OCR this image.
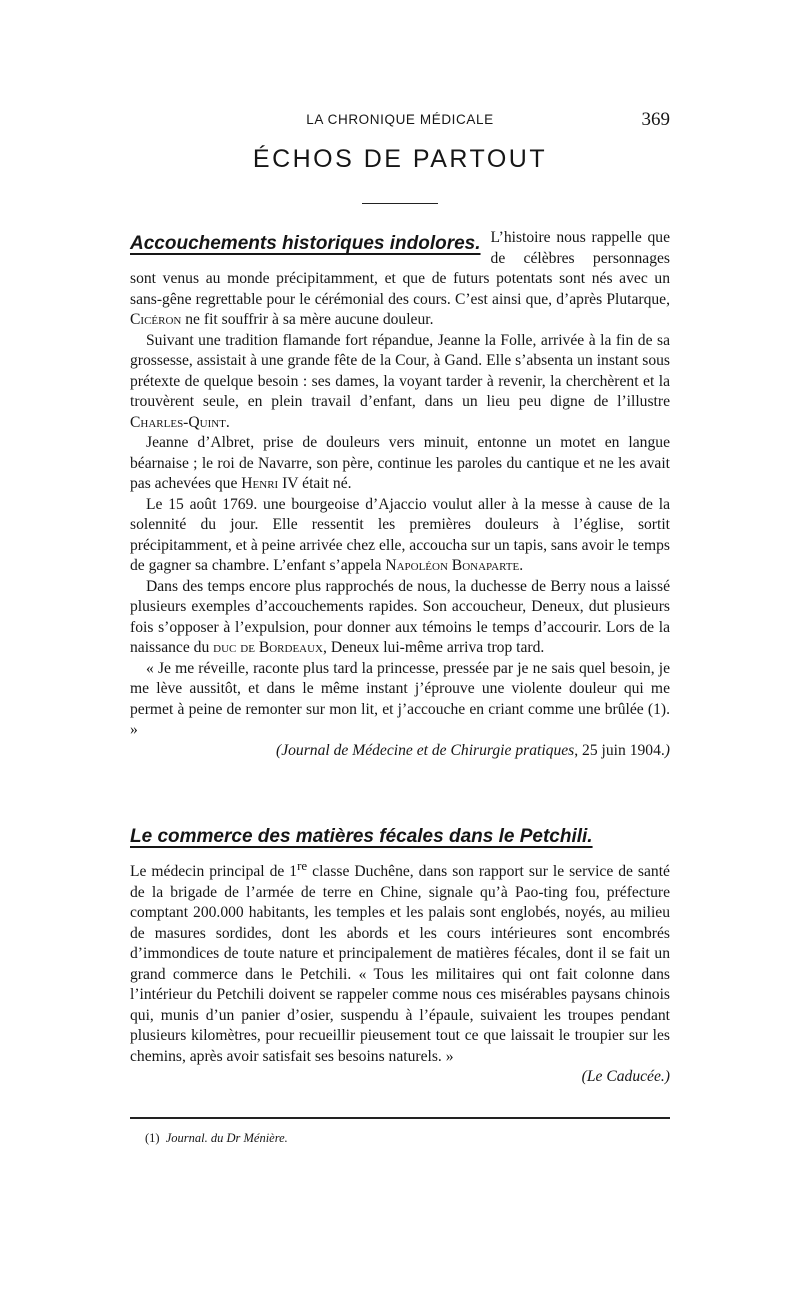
LA CHRONIQUE MÉDICALE	369
ÉCHOS DE PARTOUT
Accouchements historiques indolores. L’histoire nous rappelle que de célèbres personnages sont venus au monde précipitamment, et que de futurs potentats sont nés avec un sans-gêne regrettable pour le cérémonial des cours. C’est ainsi que, d’après Plutarque, Cicéron ne fit souffrir à sa mère aucune douleur.

Suivant une tradition flamande fort répandue, Jeanne la Folle, arrivée à la fin de sa grossesse, assistait à une grande fête de la Cour, à Gand. Elle s’absenta un instant sous prétexte de quelque besoin : ses dames, la voyant tarder à revenir, la cherchèrent et la trouvèrent seule, en plein travail d’enfant, dans un lieu peu digne de l’illustre Charles-Quint.

Jeanne d’Albret, prise de douleurs vers minuit, entonne un motet en langue béarnaise ; le roi de Navarre, son père, continue les paroles du cantique et ne les avait pas achevées que Henri IV était né.

Le 15 août 1769. une bourgeoise d’Ajaccio voulut aller à la messe à cause de la solennité du jour. Elle ressentit les premières douleurs à l’église, sortit précipitamment, et à peine arrivée chez elle, accoucha sur un tapis, sans avoir le temps de gagner sa chambre. L’enfant s’appela Napoléon Bonaparte.

Dans des temps encore plus rapprochés de nous, la duchesse de Berry nous a laissé plusieurs exemples d’accouchements rapides. Son accoucheur, Deneux, dut plusieurs fois s’opposer à l’expulsion, pour donner aux témoins le temps d’accourir. Lors de la naissance du duc de Bordeaux, Deneux lui-même arriva trop tard.

« Je me réveille, raconte plus tard la princesse, pressée par je ne sais quel besoin, je me lève aussitôt, et dans le même instant j’éprouve une violente douleur qui me permet à peine de remonter sur mon lit, et j’accouche en criant comme une brûlée (1). »

(Journal de Médecine et de Chirurgie pratiques, 25 juin 1904.)

Le commerce des matières fécales dans le Petchili.

Le médecin principal de 1re classe Duchêne, dans son rapport sur le service de santé de la brigade de l’armée de terre en Chine, signale qu’à Pao-ting fou, préfecture comptant 200.000 habitants, les temples et les palais sont englobés, noyés, au milieu de masures sordides, dont les abords et les cours intérieures sont encombrés d’immondices de toute nature et principalement de matières fécales, dont il se fait un grand commerce dans le Petchili. « Tous les militaires qui ont fait colonne dans l’intérieur du Petchili doivent se rappeler comme nous ces misérables paysans chinois qui, munis d’un panier d’osier, suspendu à l’épaule, suivaient les troupes pendant plusieurs kilomètres, pour recueillir pieusement tout ce que laissait le troupier sur les chemins, après avoir satisfait ses besoins naturels. »

(Le Caducée.)

(1) Journal. du Dr Ménière.
